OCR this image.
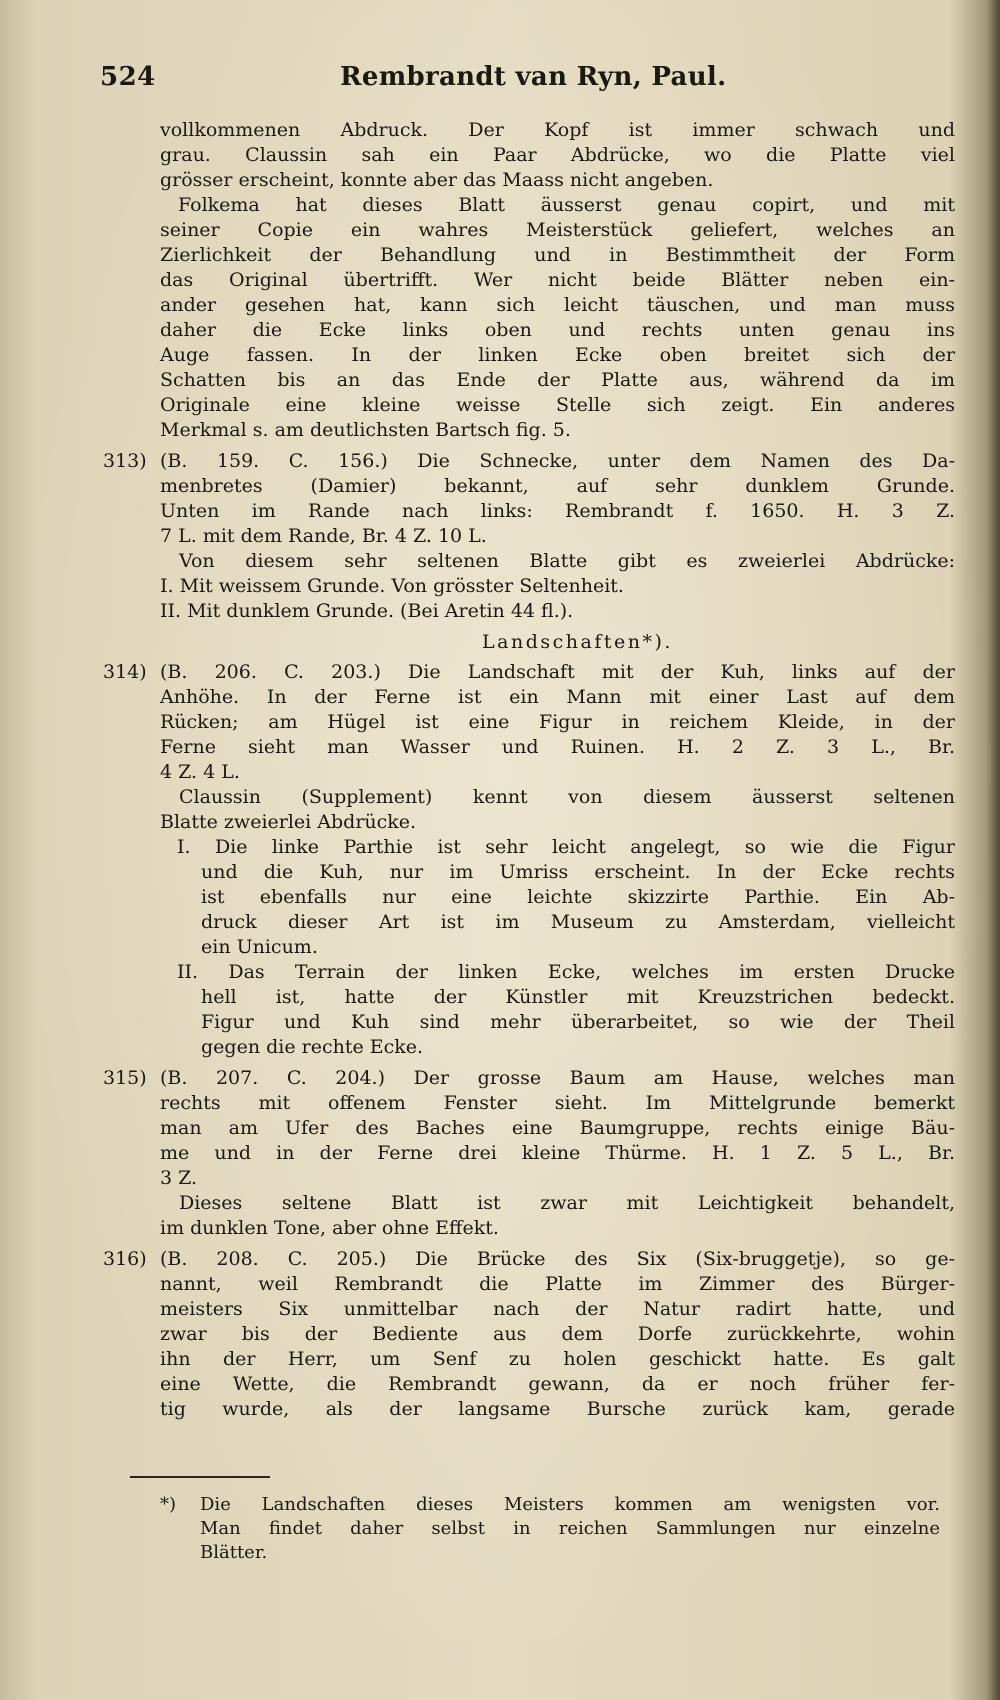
524	Rembrandt van Ryn, Paul.
vollkommenen Abdruck. Der Kopf ist immer schwach und
grau. Claussin sah ein Paar Abdrücke, wo die Platte viel
grösser erscheint, konnte aber das Maass nicht angeben.
Folkema hat dieses Blatt äusserst genau copirt, und mit
seiner Copie ein wahres Meisterstück geliefert, welches an
Zierlichkeit der Behandlung und in Bestimmtheit der Form
das Original übertrifft. Wer nicht beide Blätter neben ein-
ander gesehen hat, kann sich leicht täuschen, und man muss
daher die Ecke links oben und rechts unten genau ins
Auge fassen. In der linken Ecke oben breitet sich der
Schatten bis an das Ende der Platte aus, während da im
Originale eine kleine weisse Stelle sich zeigt. Ein anderes
Merkmal s. am deutlichsten Bartsch fig. 5.
313) (B. 159. C. 156.) Die Schnecke, unter dem Namen des Da-
menbretes (Damier) bekannt, auf sehr dunklem Grunde.
Unten im Rande nach links: Rembrandt f. 1650. H. 3 Z.
7 L. mit dem Rande, Br. 4 Z. 10 L.
Von diesem sehr seltenen Blatte gibt es zweierlei Abdrücke:
I. Mit weissem Grunde. Von grösster Seltenheit.
II. Mit dunklem Grunde. (Bei Aretin 44 fl.).
Landschaften*).
314) (B. 206. C. 203.) Die Landschaft mit der Kuh, links auf der
Anhöhe. In der Ferne ist ein Mann mit einer Last auf dem
Rücken; am Hügel ist eine Figur in reichem Kleide, in der
Ferne sieht man Wasser und Ruinen. H. 2 Z. 3 L., Br.
4 Z. 4 L.
Claussin (Supplement) kennt von diesem äusserst seltenen
Blatte zweierlei Abdrücke.
I. Die linke Parthie ist sehr leicht angelegt, so wie die Figur
und die Kuh, nur im Umriss erscheint. In der Ecke rechts
ist ebenfalls nur eine leichte skizzirte Parthie. Ein Ab-
druck dieser Art ist im Museum zu Amsterdam, vielleicht
ein Unicum.
II. Das Terrain der linken Ecke, welches im ersten Drucke
hell ist, hatte der Künstler mit Kreuzstrichen bedeckt.
Figur und Kuh sind mehr überarbeitet, so wie der Theil
gegen die rechte Ecke.
315) (B. 207. C. 204.) Der grosse Baum am Hause, welches man
rechts mit offenem Fenster sieht. Im Mittelgrunde bemerkt
man am Ufer des Baches eine Baumgruppe, rechts einige Bäu-
me und in der Ferne drei kleine Thürme. H. 1 Z. 5 L., Br.
3 Z.
Dieses seltene Blatt ist zwar mit Leichtigkeit behandelt,
im dunklen Tone, aber ohne Effekt.
316) (B. 208. C. 205.) Die Brücke des Six (Six-bruggetje), so ge-
nannt, weil Rembrandt die Platte im Zimmer des Bürger-
meisters Six unmittelbar nach der Natur radirt hatte, und
zwar bis der Bediente aus dem Dorfe zurückkehrte, wohin
ihn der Herr, um Senf zu holen geschickt hatte. Es galt
eine Wette, die Rembrandt gewann, da er noch früher fer-
tig wurde, als der langsame Bursche zurück kam, gerade
*) Die Landschaften dieses Meisters kommen am wenigsten vor.
Man findet daher selbst in reichen Sammlungen nur einzelne
Blätter.
